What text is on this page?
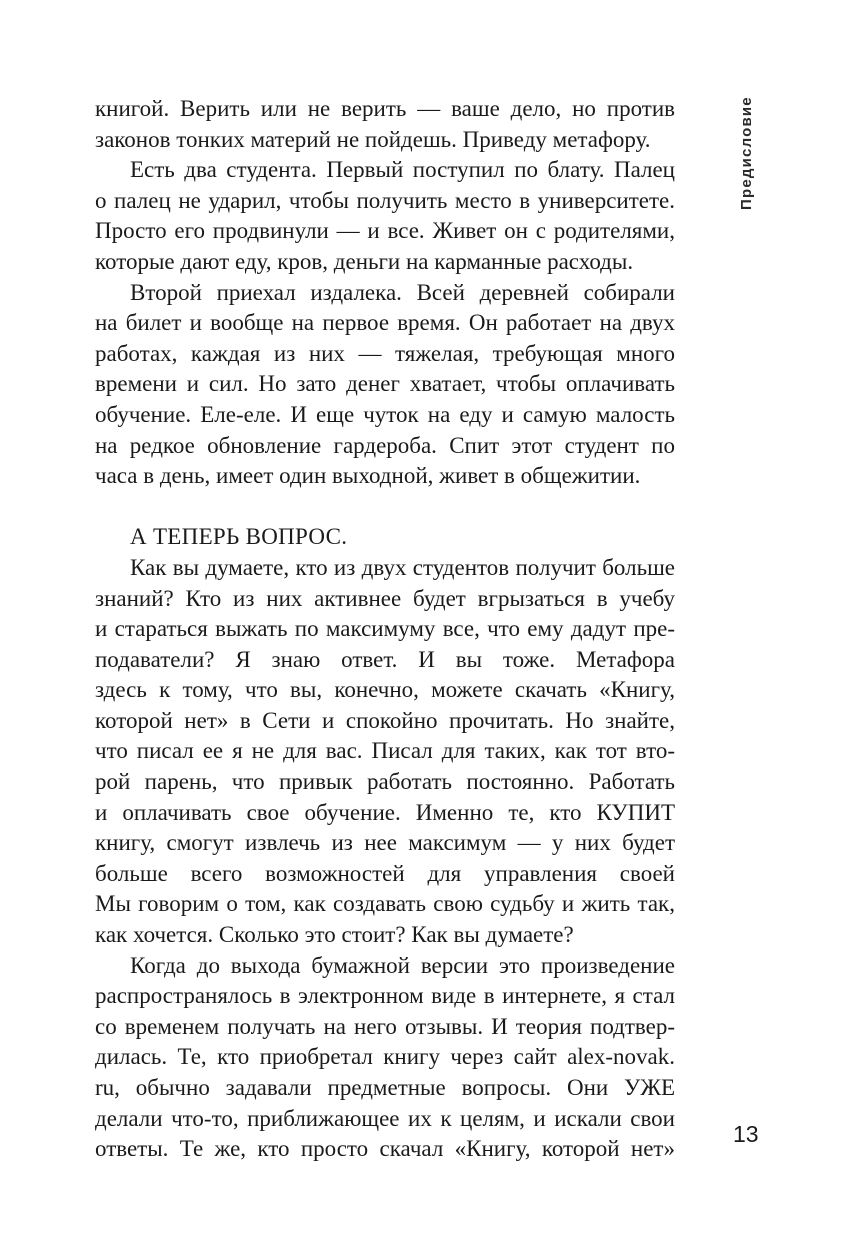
Предисловие
книгой. Верить или не верить — ваше дело, но против
законов тонких материй не пойдешь. Приведу метафору.
Есть два студента. Первый поступил по блату. Палец
о палец не ударил, чтобы получить место в университете.
Просто его продвинули — и все. Живет он с родителями,
которые дают еду, кров, деньги на карманные расходы.
Второй приехал издалека. Всей деревней собирали
на билет и вообще на первое время. Он работает на двух
работах, каждая из них — тяжелая, требующая много
времени и сил. Но зато денег хватает, чтобы оплачивать
обучение. Еле-еле. И еще чуток на еду и самую малость
на редкое обновление гардероба. Спит этот студент по
часа в день, имеет один выходной, живет в общежитии.
А ТЕПЕРЬ ВОПРОС.
Как вы думаете, кто из двух студентов получит больше
знаний? Кто из них активнее будет вгрызаться в учебу
и стараться выжать по максимуму все, что ему дадут пре-
подаватели? Я знаю ответ. И вы тоже. Метафора
здесь к тому, что вы, конечно, можете скачать «Книгу,
которой нет» в Сети и спокойно прочитать. Но знайте,
что писал ее я не для вас. Писал для таких, как тот вто-
рой парень, что привык работать постоянно. Работать
и оплачивать свое обучение. Именно те, кто КУПИТ
книгу, смогут извлечь из нее максимум — у них будет
больше всего возможностей для управления своей
Мы говорим о том, как создавать свою судьбу и жить так,
как хочется. Сколько это стоит? Как вы думаете?
Когда до выхода бумажной версии это произведение
распространялось в электронном виде в интернете, я стал
со временем получать на него отзывы. И теория подтвер-
дилась. Те, кто приобретал книгу через сайт alex-novak.
ru, обычно задавали предметные вопросы. Они УЖЕ
делали что-то, приближающее их к целям, и искали свои
ответы. Те же, кто просто скачал «Книгу, которой нет»
13
